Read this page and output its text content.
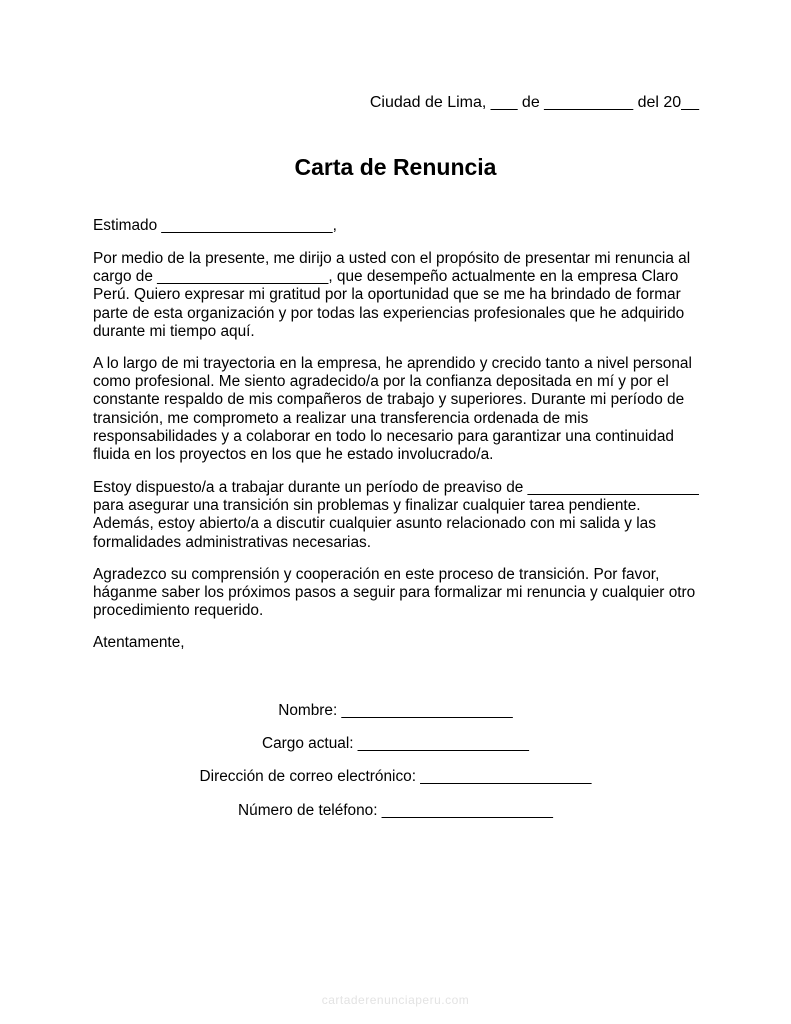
Ciudad de Lima, ___ de __________ del 20__
Carta de Renuncia
Estimado ____________________,

Por medio de la presente, me dirijo a usted con el propósito de presentar mi renuncia al cargo de ____________________, que desempeño actualmente en la empresa Claro Perú. Quiero expresar mi gratitud por la oportunidad que se me ha brindado de formar parte de esta organización y por todas las experiencias profesionales que he adquirido durante mi tiempo aquí.

A lo largo de mi trayectoria en la empresa, he aprendido y crecido tanto a nivel personal como profesional. Me siento agradecido/a por la confianza depositada en mí y por el constante respaldo de mis compañeros de trabajo y superiores. Durante mi período de transición, me comprometo a realizar una transferencia ordenada de mis responsabilidades y a colaborar en todo lo necesario para garantizar una continuidad fluida en los proyectos en los que he estado involucrado/a.

Estoy dispuesto/a a trabajar durante un período de preaviso de ____________________ para asegurar una transición sin problemas y finalizar cualquier tarea pendiente. Además, estoy abierto/a a discutir cualquier asunto relacionado con mi salida y las formalidades administrativas necesarias.

Agradezco su comprensión y cooperación en este proceso de transición. Por favor, háganme saber los próximos pasos a seguir para formalizar mi renuncia y cualquier otro procedimiento requerido.

Atentamente,
Nombre: ____________________
Cargo actual: ____________________
Dirección de correo electrónico: ____________________
Número de teléfono: ____________________
cartaderenunciaperu.com
